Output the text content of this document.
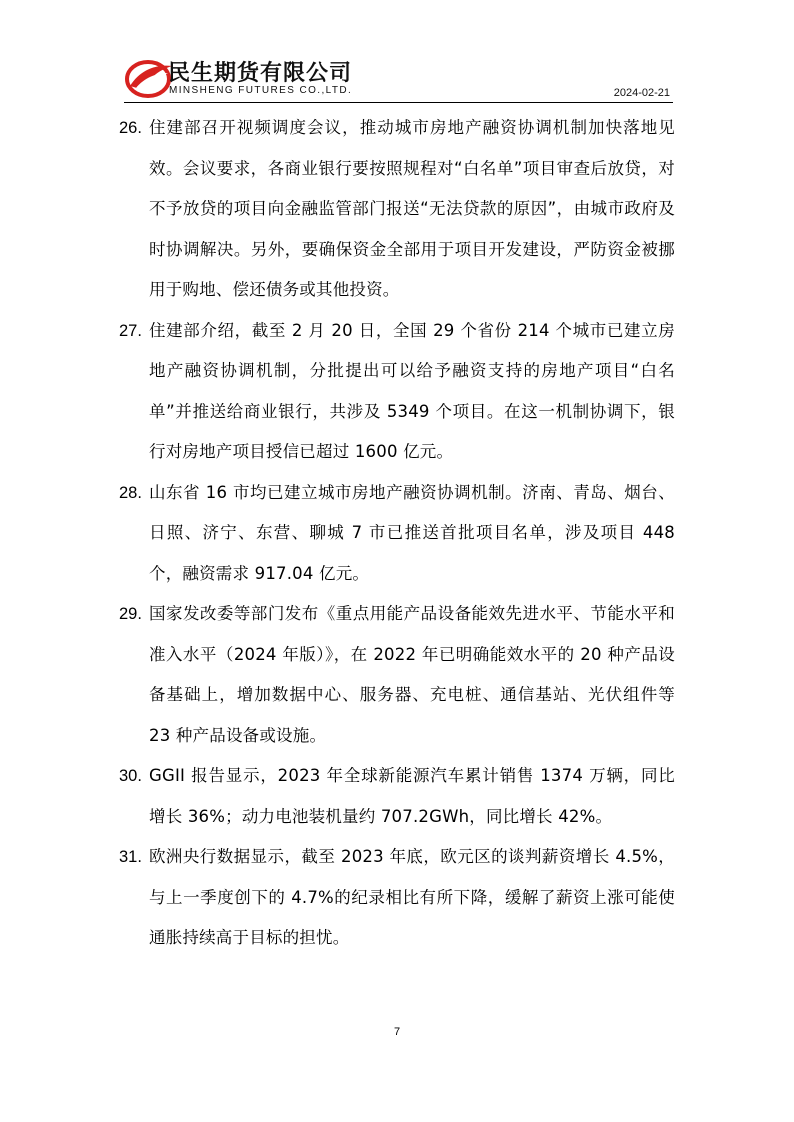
民生期货有限公司
MINSHENG FUTURES CO.,LTD.	2024-02-21
26. 住建部召开视频调度会议，推动城市房地产融资协调机制加快落地见效。会议要求，各商业银行要按照规程对“白名单”项目审查后放贷，对不予放贷的项目向金融监管部门报送“无法贷款的原因”，由城市政府及时协调解决。另外，要确保资金全部用于项目开发建设，严防资金被挪用于购地、偿还债务或其他投资。
27. 住建部介绍，截至 2 月 20 日，全国 29 个省份 214 个城市已建立房地产融资协调机制，分批提出可以给予融资支持的房地产项目“白名单”并推送给商业银行，共涉及 5349 个项目。在这一机制协调下，银行对房地产项目授信已超过 1600 亿元。
28. 山东省 16 市均已建立城市房地产融资协调机制。济南、青岛、烟台、日照、济宁、东营、聊城 7 市已推送首批项目名单，涉及项目 448 个，融资需求 917.04 亿元。
29. 国家发改委等部门发布《重点用能产品设备能效先进水平、节能水平和准入水平（2024 年版）》，在 2022 年已明确能效水平的 20 种产品设备基础上，增加数据中心、服务器、充电桩、通信基站、光伏组件等 23 种产品设备或设施。
30. GGII 报告显示，2023 年全球新能源汽车累计销售 1374 万辆，同比增长 36%；动力电池装机量约 707.2GWh，同比增长 42%。
31. 欧洲央行数据显示，截至 2023 年底，欧元区的谈判薪资增长 4.5%，与上一季度创下的 4.7%的纪录相比有所下降，缓解了薪资上涨可能使通胀持续高于目标的担忧。
7
